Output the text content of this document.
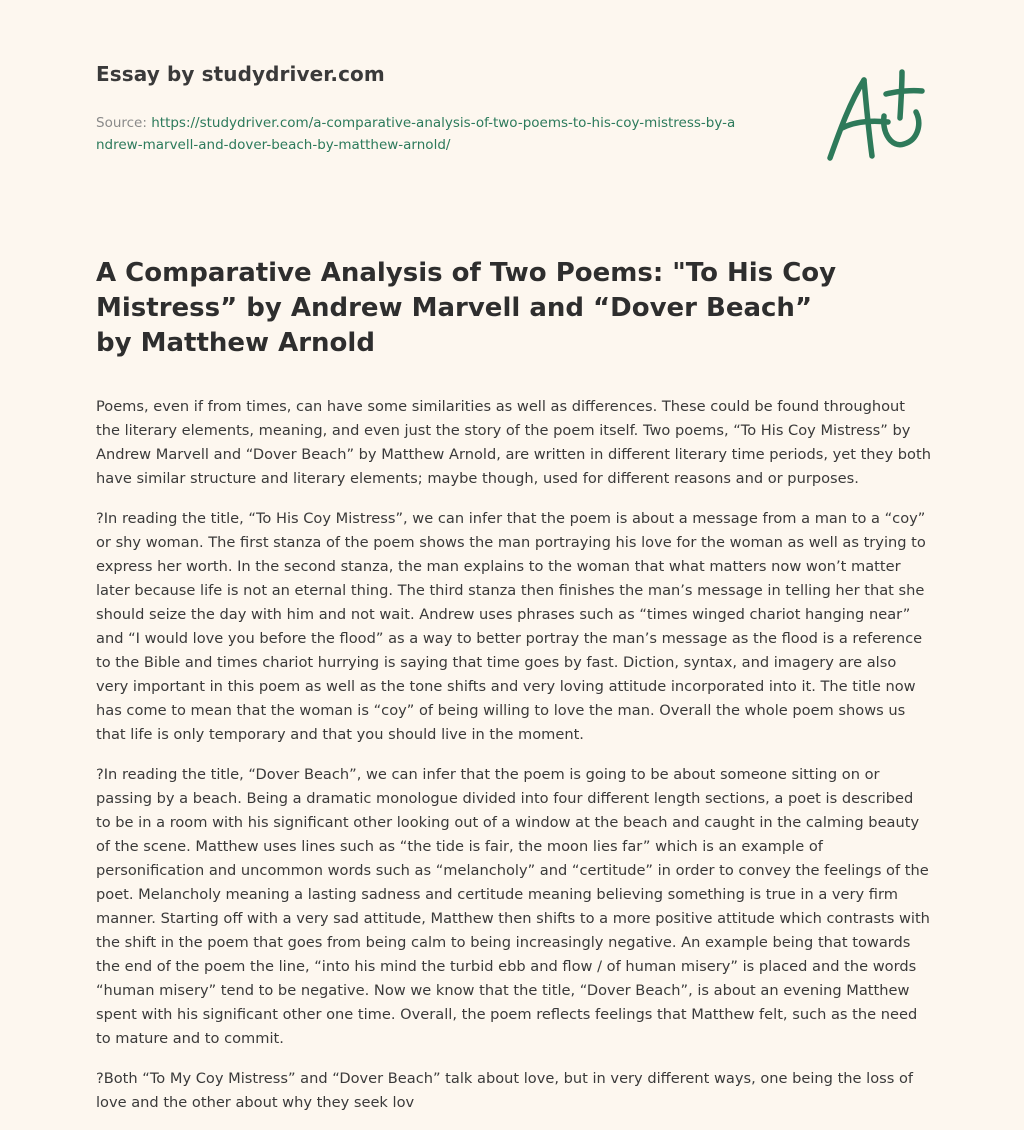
Essay by studydriver.com
Source: https://studydriver.com/a-comparative-analysis-of-two-poems-to-his-coy-mistress-by-andrew-marvell-and-dover-beach-by-matthew-arnold/
A Comparative Analysis of Two Poems: "To His Coy Mistress” by Andrew Marvell and “Dover Beach” by Matthew Arnold

Poems, even if from times, can have some similarities as well as differences. These could be found throughout the literary elements, meaning, and even just the story of the poem itself. Two poems, “To His Coy Mistress” by Andrew Marvell and “Dover Beach” by Matthew Arnold, are written in different literary time periods, yet they both have similar structure and literary elements; maybe though, used for different reasons and or purposes.

?In reading the title, “To His Coy Mistress”, we can infer that the poem is about a message from a man to a “coy” or shy woman. The first stanza of the poem shows the man portraying his love for the woman as well as trying to express her worth. In the second stanza, the man explains to the woman that what matters now won’t matter later because life is not an eternal thing. The third stanza then finishes the man’s message in telling her that she should seize the day with him and not wait. Andrew uses phrases such as “times winged chariot hanging near” and “I would love you before the flood” as a way to better portray the man’s message as the flood is a reference to the Bible and times chariot hurrying is saying that time goes by fast. Diction, syntax, and imagery are also very important in this poem as well as the tone shifts and very loving attitude incorporated into it. The title now has come to mean that the woman is “coy” of being willing to love the man. Overall the whole poem shows us that life is only temporary and that you should live in the moment.

?In reading the title, “Dover Beach”, we can infer that the poem is going to be about someone sitting on or passing by a beach. Being a dramatic monologue divided into four different length sections, a poet is described to be in a room with his significant other looking out of a window at the beach and caught in the calming beauty of the scene. Matthew uses lines such as “the tide is fair, the moon lies far” which is an example of personification and uncommon words such as “melancholy” and “certitude” in order to convey the feelings of the poet. Melancholy meaning a lasting sadness and certitude meaning believing something is true in a very firm manner. Starting off with a very sad attitude, Matthew then shifts to a more positive attitude which contrasts with the shift in the poem that goes from being calm to being increasingly negative. An example being that towards the end of the poem the line, “into his mind the turbid ebb and flow / of human misery” is placed and the words “human misery” tend to be negative. Now we know that the title, “Dover Beach”, is about an evening Matthew spent with his significant other one time. Overall, the poem reflects feelings that Matthew felt, such as the need to mature and to commit.

?Both “To My Coy Mistress” and “Dover Beach” talk about love, but in very different ways, one being the loss of love and the other about why they seek lov
